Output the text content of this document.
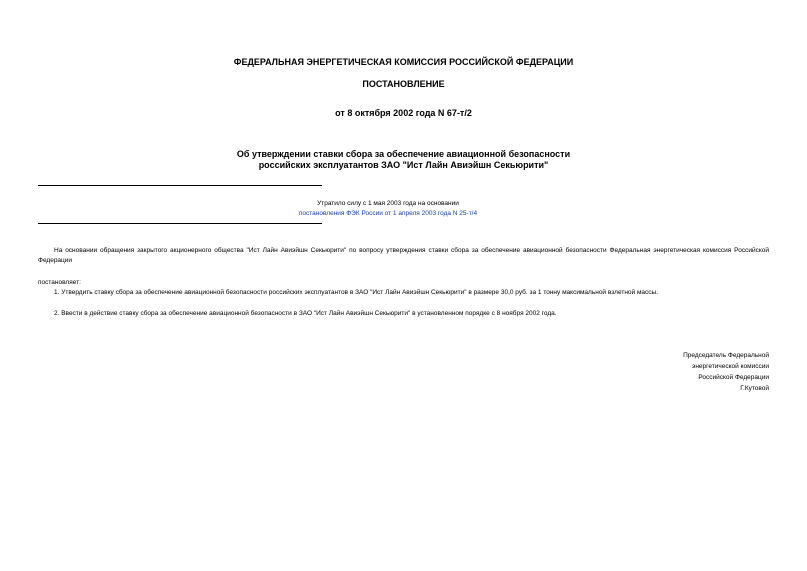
ФЕДЕРАЛЬНАЯ ЭНЕРГЕТИЧЕСКАЯ КОМИССИЯ РОССИЙСКОЙ ФЕДЕРАЦИИ
ПОСТАНОВЛЕНИЕ
от 8 октября 2002 года N 67-т/2
Об утверждении ставки сбора за обеспечение авиационной безопасности
российских эксплуатантов ЗАО "Ист Лайн Авиэйшн Секьюрити"
Утратило силу с 1 мая 2003 года на основании
постановления ФЭК России от 1 апреля 2003 года N 25-т/4
На основании обращения закрытого акционерного общества "Ист Лайн Авиэйшн Секьюрити" по вопросу утверждения ставки сбора за обеспечение авиационной безопасности Федеральная энергетическая комиссия Российской Федерации
постановляет:
1. Утвердить ставку сбора за обеспечение авиационной безопасности российских эксплуатантов в ЗАО "Ист Лайн Авиэйшн Секьюрити" в размере 30,0 руб. за 1 тонну максимальной взлетной массы.
2. Ввести в действие ставку сбора за обеспечение авиационной безопасности в ЗАО "Ист Лайн Авиэйшн Секьюрити" в установленном порядке с 8 ноября 2002 года.
Председатель Федеральной
энергетической комиссии
Российской Федерации
Г.Кутовой
